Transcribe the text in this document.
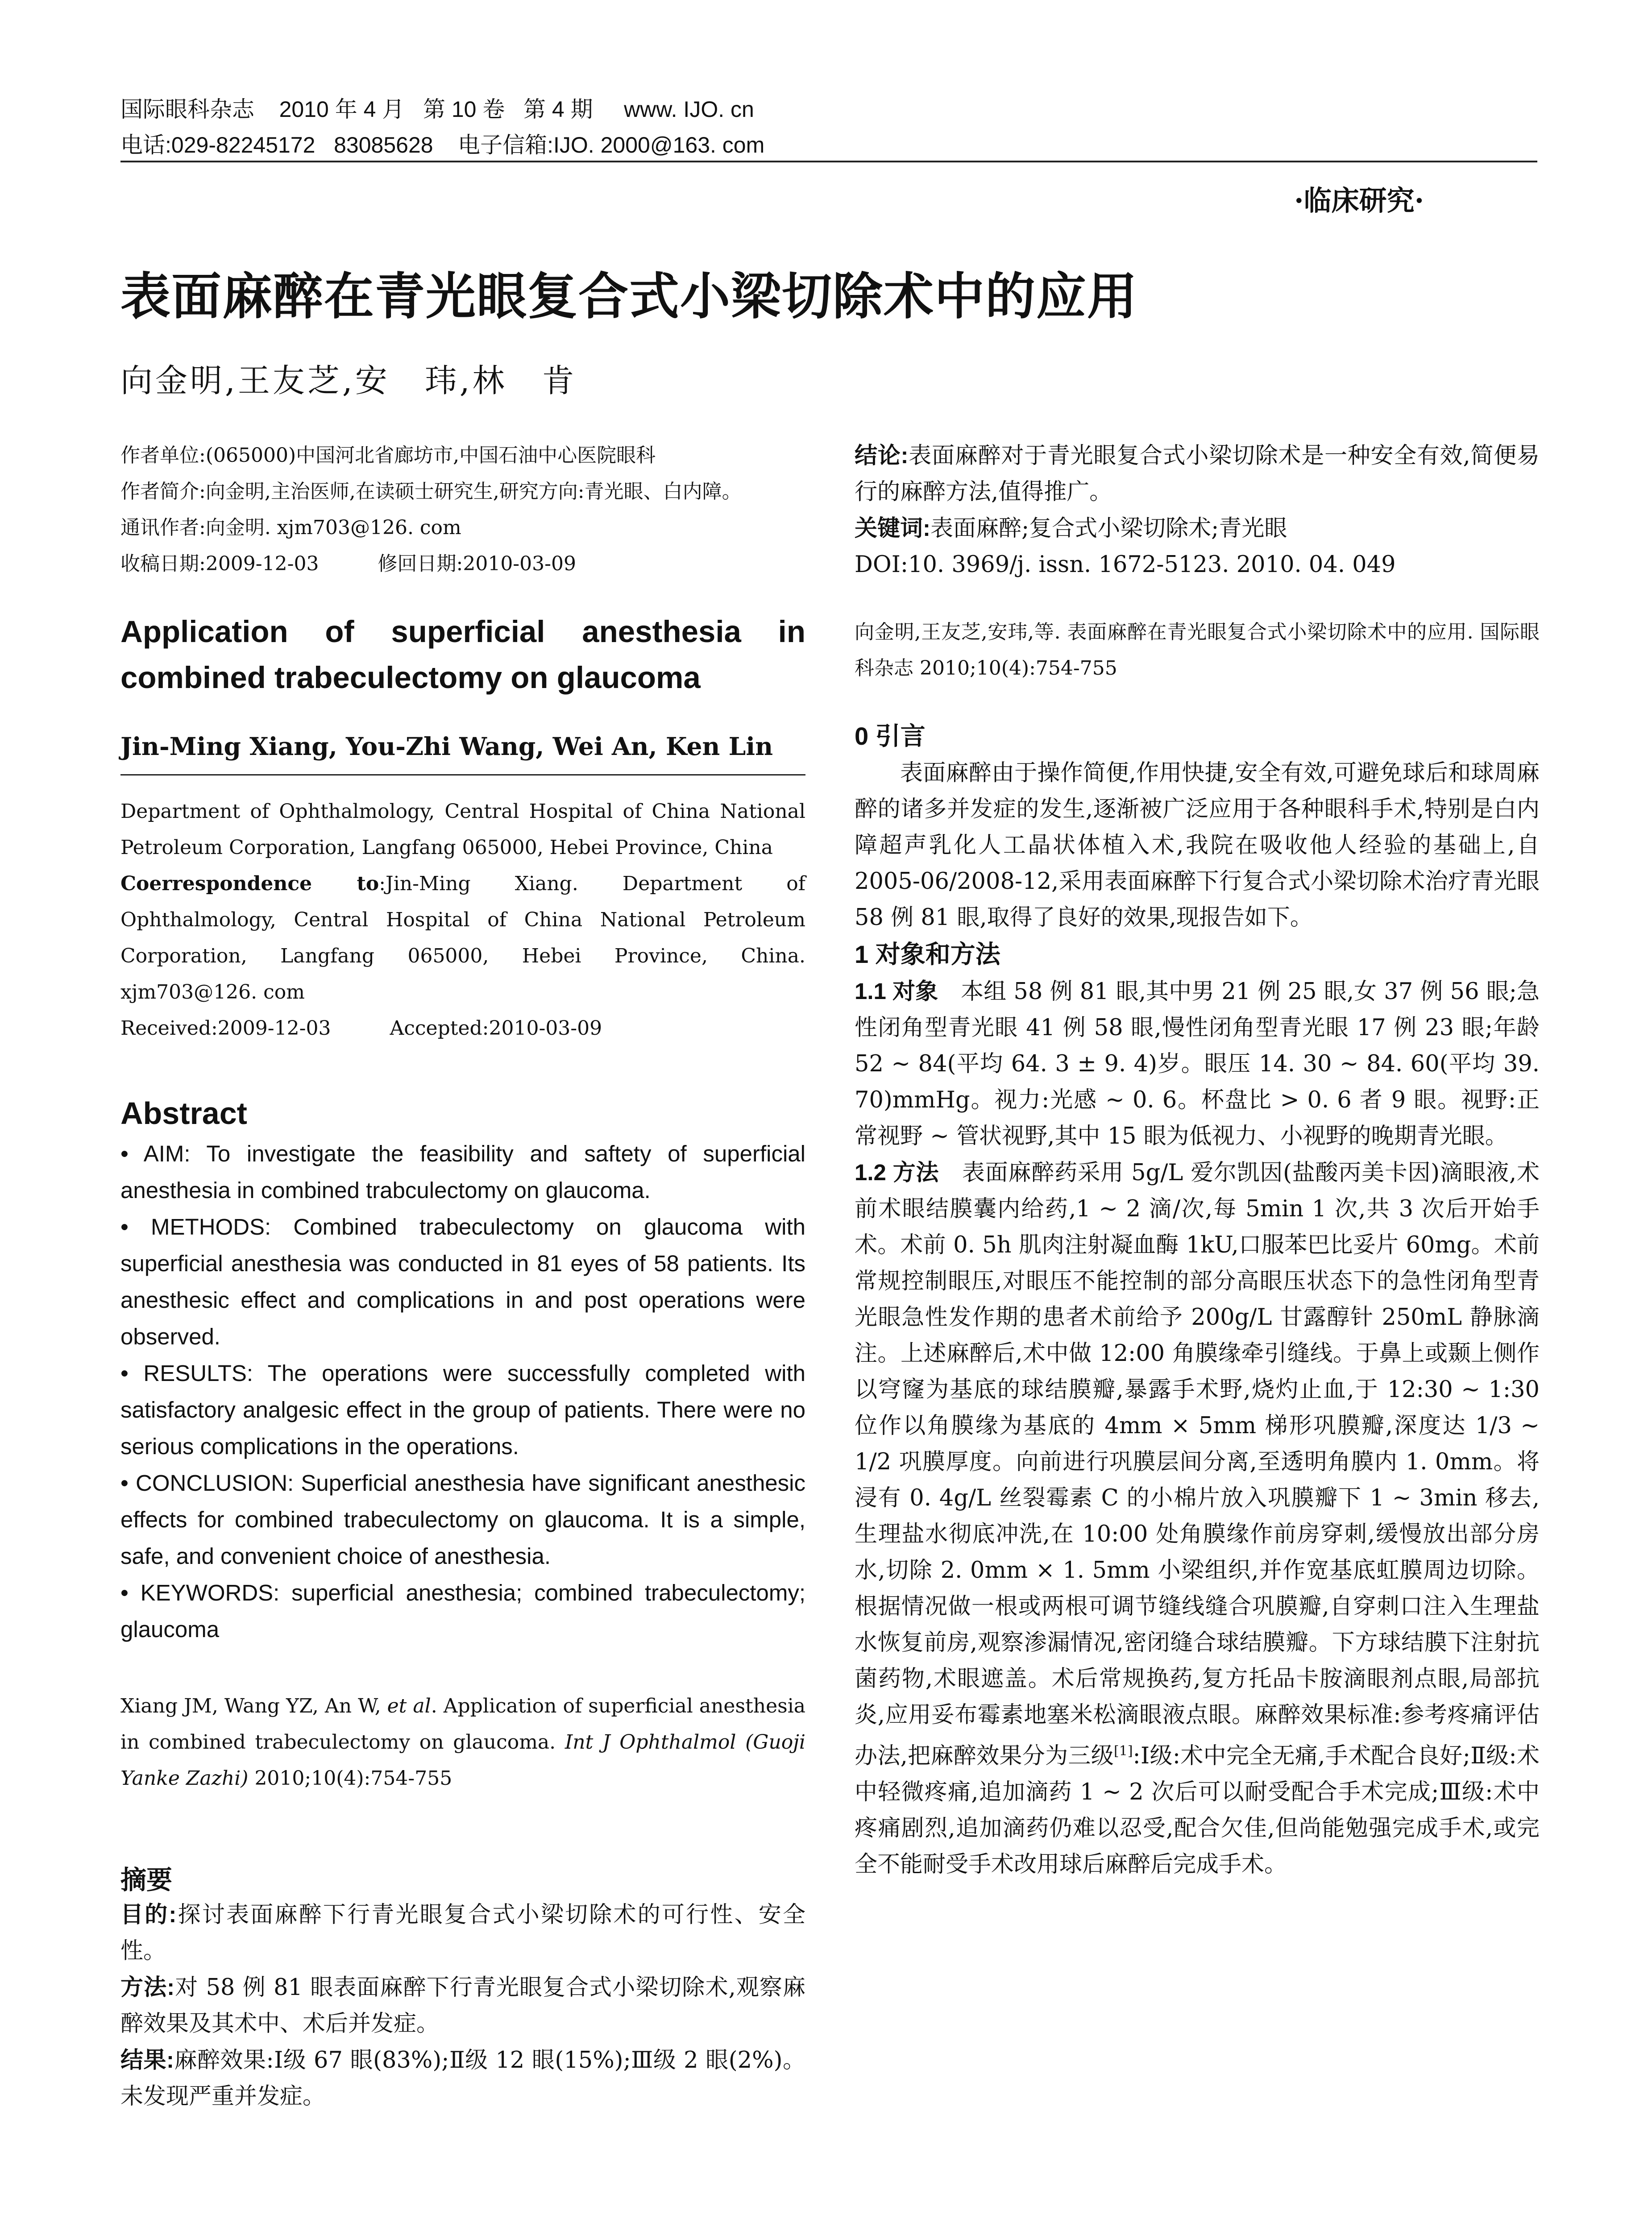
国际眼科杂志    2010 年 4 月   第 10 卷   第 4 期     www. IJO. cn
电话:029-82245172   83085628    电子信箱:IJO. 2000@163. com
·临床研究·
表面麻醉在青光眼复合式小梁切除术中的应用
向金明,王友芝,安　玮,林　肯

作者单位:(065000)中国河北省廊坊市,中国石油中心医院眼科

作者简介:向金明,主治医师,在读硕士研究生,研究方向:青光眼、白内障。

通讯作者:向金明. xjm703@126. com

收稿日期:2009-12-03　　　修回日期:2010-03-09

Application of superficial anesthesia in combined trabeculectomy on glaucoma
Jin-Ming Xiang, You-Zhi Wang, Wei An, Ken Lin

Department of Ophthalmology, Central Hospital of China National Petroleum Corporation, Langfang 065000, Hebei Province, China

Coerrespondence to:Jin-Ming Xiang. Department of Ophthalmology, Central Hospital of China National Petroleum Corporation, Langfang 065000, Hebei Province, China. xjm703@126. com

Received:2009-12-03　　　Accepted:2010-03-09

Abstract

• AIM: To investigate the feasibility and saftety of superficial anesthesia in combined trabculectomy on glaucoma.

• METHODS: Combined trabeculectomy on glaucoma with superficial anesthesia was conducted in 81 eyes of 58 patients. Its anesthesic effect and complications in and post operations were observed.

• RESULTS: The operations were successfully completed with satisfactory analgesic effect in the group of patients. There were no serious complications in the operations.

• CONCLUSION: Superficial anesthesia have significant anesthesic effects for combined trabeculectomy on glaucoma. It is a simple, safe, and convenient choice of anesthesia.

• KEYWORDS: superficial anesthesia; combined trabeculectomy; glaucoma

Xiang JM, Wang YZ, An W, et al. Application of superficial anesthesia in combined trabeculectomy on glaucoma. Int J Ophthalmol (Guoji Yanke Zazhi) 2010;10(4):754-755

摘要

目的:探讨表面麻醉下行青光眼复合式小梁切除术的可行性、安全性。

方法:对 58 例 81 眼表面麻醉下行青光眼复合式小梁切除术,观察麻醉效果及其术中、术后并发症。

结果:麻醉效果:Ⅰ级 67 眼(83%);Ⅱ级 12 眼(15%);Ⅲ级 2 眼(2%)。未发现严重并发症。

结论:表面麻醉对于青光眼复合式小梁切除术是一种安全有效,简便易行的麻醉方法,值得推广。

关键词:表面麻醉;复合式小梁切除术;青光眼

DOI:10. 3969/j. issn. 1672-5123. 2010. 04. 049

向金明,王友芝,安玮,等. 表面麻醉在青光眼复合式小梁切除术中的应用. 国际眼科杂志 2010;10(4):754-755

0 引言

表面麻醉由于操作简便,作用快捷,安全有效,可避免球后和球周麻醉的诸多并发症的发生,逐渐被广泛应用于各种眼科手术,特别是白内障超声乳化人工晶状体植入术,我院在吸收他人经验的基础上,自 2005-06/2008-12,采用表面麻醉下行复合式小梁切除术治疗青光眼 58 例 81 眼,取得了良好的效果,现报告如下。

1 对象和方法

1.1 对象　本组 58 例 81 眼,其中男 21 例 25 眼,女 37 例 56 眼;急性闭角型青光眼 41 例 58 眼,慢性闭角型青光眼 17 例 23 眼;年龄 52 ~ 84(平均 64. 3 ± 9. 4)岁。眼压 14. 30 ~ 84. 60(平均 39. 70)mmHg。视力:光感 ~ 0. 6。杯盘比 > 0. 6 者 9 眼。视野:正常视野 ~ 管状视野,其中 15 眼为低视力、小视野的晚期青光眼。

1.2 方法　表面麻醉药采用 5g/L 爱尔凯因(盐酸丙美卡因)滴眼液,术前术眼结膜囊内给药,1 ~ 2 滴/次,每 5min 1 次,共 3 次后开始手术。术前 0. 5h 肌肉注射凝血酶 1kU,口服苯巴比妥片 60mg。术前常规控制眼压,对眼压不能控制的部分高眼压状态下的急性闭角型青光眼急性发作期的患者术前给予 200g/L 甘露醇针 250mL 静脉滴注。上述麻醉后,术中做 12:00 角膜缘牵引缝线。于鼻上或颞上侧作以穹窿为基底的球结膜瓣,暴露手术野,烧灼止血,于 12:30 ~ 1:30 位作以角膜缘为基底的 4mm × 5mm 梯形巩膜瓣,深度达 1/3 ~ 1/2 巩膜厚度。向前进行巩膜层间分离,至透明角膜内 1. 0mm。将浸有 0. 4g/L 丝裂霉素 C 的小棉片放入巩膜瓣下 1 ~ 3min 移去,生理盐水彻底冲洗,在 10:00 处角膜缘作前房穿刺,缓慢放出部分房水,切除 2. 0mm × 1. 5mm 小梁组织,并作宽基底虹膜周边切除。根据情况做一根或两根可调节缝线缝合巩膜瓣,自穿刺口注入生理盐水恢复前房,观察渗漏情况,密闭缝合球结膜瓣。下方球结膜下注射抗菌药物,术眼遮盖。术后常规换药,复方托品卡胺滴眼剂点眼,局部抗炎,应用妥布霉素地塞米松滴眼液点眼。麻醉效果标准:参考疼痛评估办法,把麻醉效果分为三级[1]:Ⅰ级:术中完全无痛,手术配合良好;Ⅱ级:术中轻微疼痛,追加滴药 1 ~ 2 次后可以耐受配合手术完成;Ⅲ级:术中疼痛剧烈,追加滴药仍难以忍受,配合欠佳,但尚能勉强完成手术,或完全不能耐受手术改用球后麻醉后完成手术。
